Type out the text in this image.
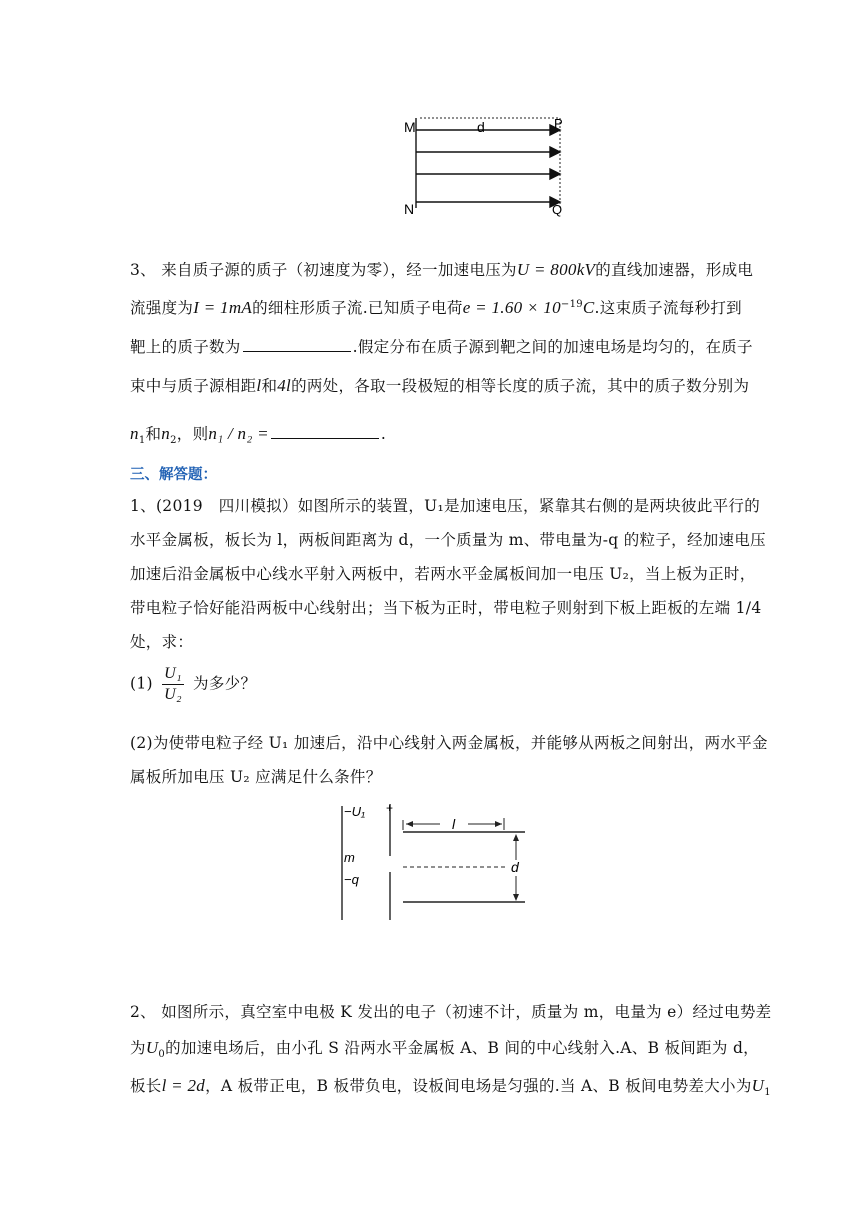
M	d	P
N	Q
3、 来自质子源的质子（初速度为零），经一加速电压为U = 800kV的直线加速器，形成电
流强度为I = 1mA的细柱形质子流.已知质子电荷$e = 1.60 \times 10^{-19}C$.这束质子流每秒打到
靶上的质子数为	.假定分布在质子源到靶之间的加速电场是均匀的，在质子
束中与质子源相距l和4l的两处，各取一段极短的相等长度的质子流，其中的质子数分别为
$n_1$和$n_2$，则n₁ / n₂ =	.
三、解答题：
1、(2019　四川模拟）如图所示的装置，U₁是加速电压，紧靠其右侧的是两块彼此平行的
水平金属板，板长为 l，两板间距离为 d，一个质量为 m、带电量为-q 的粒子，经加速电压
加速后沿金属板中心线水平射入两板中，若两水平金属板间加一电压 U₂，当上板为正时，
带电粒子恰好能沿两板中心线射出；当下板为正时，带电粒子则射到下板上距板的左端 1/4
处，求：
$(1) \frac{\text{U₁}}{\text{U₂}}$ 为多少？
(2)为使带电粒子经 U₁ 加速后，沿中心线射入两金属板，并能够从两板之间射出，两水平金
属板所加电压 U₂ 应满足什么条件？
−U₁ +
l
m
−q
d
2、 如图所示，真空室中电极 K 发出的电子（初速不计，质量为 m，电量为 e）经过电势差
为$U_0$的加速电场后，由小孔 S 沿两水平金属板 A、B 间的中心线射入.A、B 板间距为 d，
板长l = 2d，A 板带正电，B 板带负电，设板间电场是匀强的.当 A、B 板间电势差大小为$U_1$
